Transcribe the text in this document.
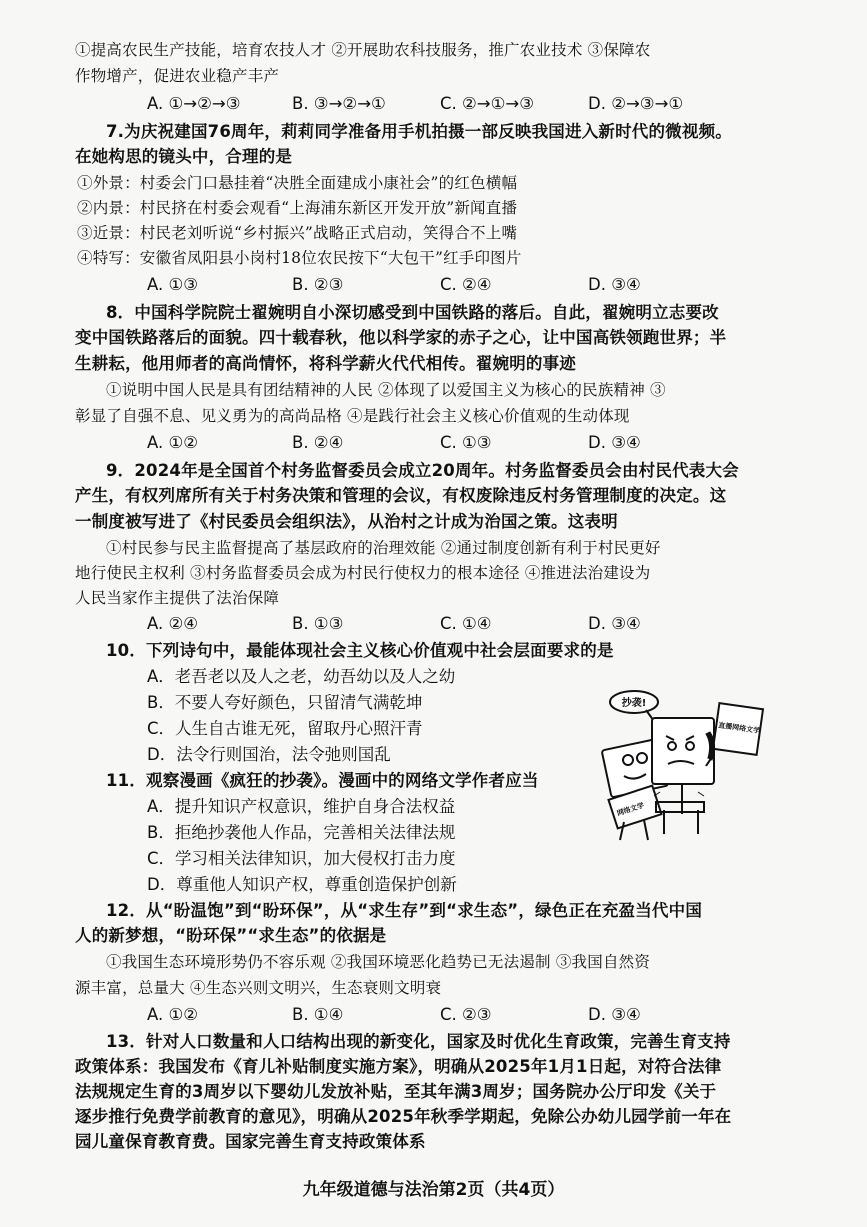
①提高农民生产技能，培育农技人才 ②开展助农科技服务，推广农业技术 ③保障农

作物增产，促进农业稳产丰产

A. ①→②→③	B. ③→②→①	C. ②→①→③	D. ②→③→①

7.为庆祝建国76周年，莉莉同学准备用手机拍摄一部反映我国进入新时代的微视频。

在她构思的镜头中，合理的是

①外景：村委会门口悬挂着“决胜全面建成小康社会”的红色横幅

②内景：村民挤在村委会观看“上海浦东新区开发开放”新闻直播

③近景：村民老刘听说“乡村振兴”战略正式启动，笑得合不上嘴

④特写：安徽省凤阳县小岗村18位农民按下“大包干”红手印图片

A. ①③	B. ②③	C. ②④	D. ③④

8．中国科学院院士翟婉明自小深切感受到中国铁路的落后。自此，翟婉明立志要改

变中国铁路落后的面貌。四十载春秋，他以科学家的赤子之心，让中国高铁领跑世界；半

生耕耘，他用师者的高尚情怀，将科学薪火代代相传。翟婉明的事迹

①说明中国人民是具有团结精神的人民 ②体现了以爱国主义为核心的民族精神 ③

彰显了自强不息、见义勇为的高尚品格 ④是践行社会主义核心价值观的生动体现

A. ①②	B. ②④	C. ①③	D. ③④

9．2024年是全国首个村务监督委员会成立20周年。村务监督委员会由村民代表大会

产生，有权列席所有关于村务决策和管理的会议，有权废除违反村务管理制度的决定。这

一制度被写进了《村民委员会组织法》，从治村之计成为治国之策。这表明

①村民参与民主监督提高了基层政府的治理效能 ②通过制度创新有利于村民更好

地行使民主权利 ③村务监督委员会成为村民行使权力的根本途径 ④推进法治建设为

人民当家作主提供了法治保障

A. ②④	B. ①③	C. ①④	D. ③④

10．下列诗句中，最能体现社会主义核心价值观中社会层面要求的是

A．老吾老以及人之老，幼吾幼以及人之幼
B．不要人夸好颜色，只留清气满乾坤
C．人生自古谁无死，留取丹心照汗青
D．法令行则国治，法令弛则国乱

11．观察漫画《疯狂的抄袭》。漫画中的网络文学作者应当

A．提升知识产权意识，维护自身合法权益
B．拒绝抄袭他人作品，完善相关法律法规
C．学习相关法律知识，加大侵权打击力度
D．尊重他人知识产权，尊重创造保护创新
抄袭!
直播网络文学
网络文学

12．从“盼温饱”到“盼环保”，从“求生存”到“求生态”，绿色正在充盈当代中国

人的新梦想，“盼环保”“求生态”的依据是

①我国生态环境形势仍不容乐观 ②我国环境恶化趋势已无法遏制 ③我国自然资

源丰富，总量大 ④生态兴则文明兴，生态衰则文明衰

A. ①②	B. ①④	C. ②③	D. ③④

13．针对人口数量和人口结构出现的新变化，国家及时优化生育政策，完善生育支持

政策体系：我国发布《育儿补贴制度实施方案》，明确从2025年1月1日起，对符合法律

法规规定生育的3周岁以下婴幼儿发放补贴，至其年满3周岁；国务院办公厅印发《关于

逐步推行免费学前教育的意见》，明确从2025年秋季学期起，免除公办幼儿园学前一年在

园儿童保育教育费。国家完善生育支持政策体系

九年级道德与法治第2页（共4页）
